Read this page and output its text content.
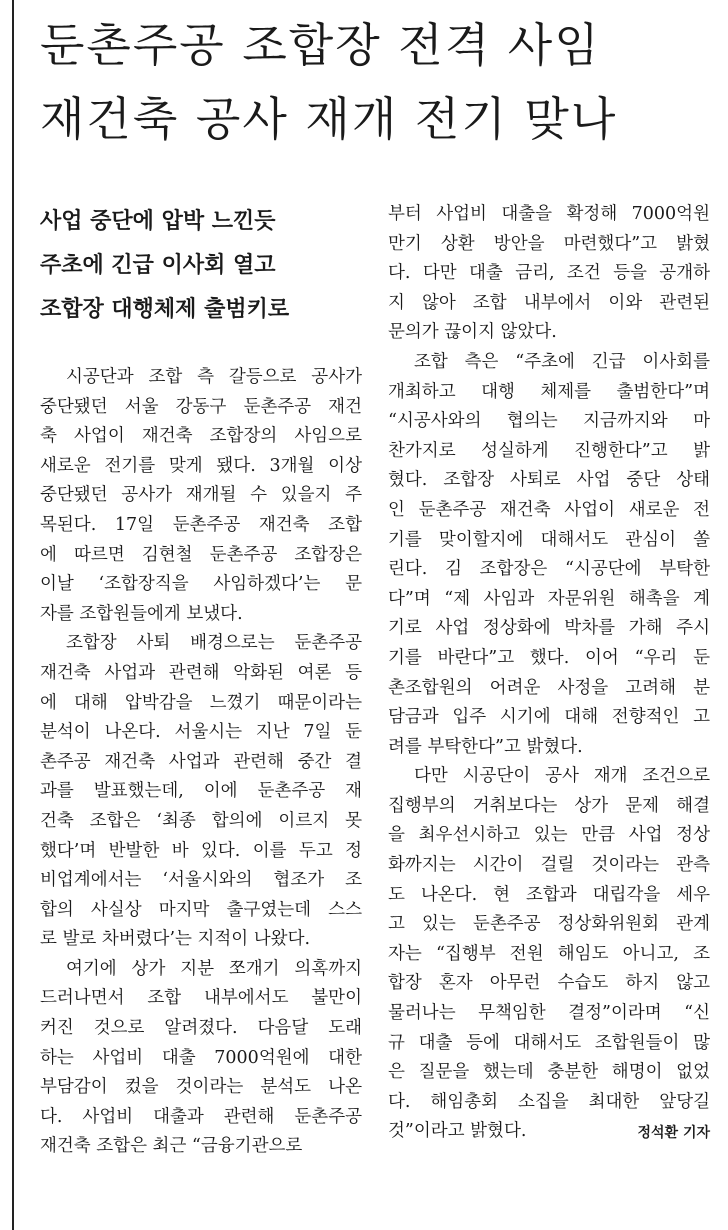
둔촌주공 조합장 전격 사임
재건축 공사 재개 전기 맞나
사업 중단에 압박 느낀듯
주초에 긴급 이사회 열고
조합장 대행체제 출범키로

시공단과 조합 측 갈등으로 공사가
중단됐던 서울 강동구 둔촌주공 재건
축 사업이 재건축 조합장의 사임으로
새로운 전기를 맞게 됐다. 3개월 이상
중단됐던 공사가 재개될 수 있을지 주
목된다. 17일 둔촌주공 재건축 조합
에 따르면 김현철 둔촌주공 조합장은
이날 ‘조합장직을 사임하겠다’는 문
자를 조합원들에게 보냈다.

조합장 사퇴 배경으로는 둔촌주공
재건축 사업과 관련해 악화된 여론 등
에 대해 압박감을 느꼈기 때문이라는
분석이 나온다. 서울시는 지난 7일 둔
촌주공 재건축 사업과 관련해 중간 결
과를 발표했는데, 이에 둔촌주공 재
건축 조합은 ‘최종 합의에 이르지 못
했다’며 반발한 바 있다. 이를 두고 정
비업계에서는 ‘서울시와의 협조가 조
합의 사실상 마지막 출구였는데 스스
로 발로 차버렸다’는 지적이 나왔다.

여기에 상가 지분 쪼개기 의혹까지
드러나면서 조합 내부에서도 불만이
커진 것으로 알려졌다. 다음달 도래
하는 사업비 대출 7000억원에 대한
부담감이 컸을 것이라는 분석도 나온
다. 사업비 대출과 관련해 둔촌주공
재건축 조합은 최근 “금융기관으로

부터 사업비 대출을 확정해 7000억원
만기 상환 방안을 마련했다”고 밝혔
다. 다만 대출 금리, 조건 등을 공개하
지 않아 조합 내부에서 이와 관련된
문의가 끊이지 않았다.

조합 측은 “주초에 긴급 이사회를
개최하고 대행 체제를 출범한다”며
“시공사와의 협의는 지금까지와 마
찬가지로 성실하게 진행한다”고 밝
혔다. 조합장 사퇴로 사업 중단 상태
인 둔촌주공 재건축 사업이 새로운 전
기를 맞이할지에 대해서도 관심이 쏠
린다. 김 조합장은 “시공단에 부탁한
다”며 “제 사임과 자문위원 해촉을 계
기로 사업 정상화에 박차를 가해 주시
기를 바란다”고 했다. 이어 “우리 둔
촌조합원의 어려운 사정을 고려해 분
담금과 입주 시기에 대해 전향적인 고
려를 부탁한다”고 밝혔다.

다만 시공단이 공사 재개 조건으로
집행부의 거취보다는 상가 문제 해결
을 최우선시하고 있는 만큼 사업 정상
화까지는 시간이 걸릴 것이라는 관측
도 나온다. 현 조합과 대립각을 세우
고 있는 둔촌주공 정상화위원회 관계
자는 “집행부 전원 해임도 아니고, 조
합장 혼자 아무런 수습도 하지 않고
물러나는 무책임한 결정”이라며 “신
규 대출 등에 대해서도 조합원들이 많
은 질문을 했는데 충분한 해명이 없었
다. 해임총회 소집을 최대한 앞당길
것”이라고 밝혔다.	정석환 기자
